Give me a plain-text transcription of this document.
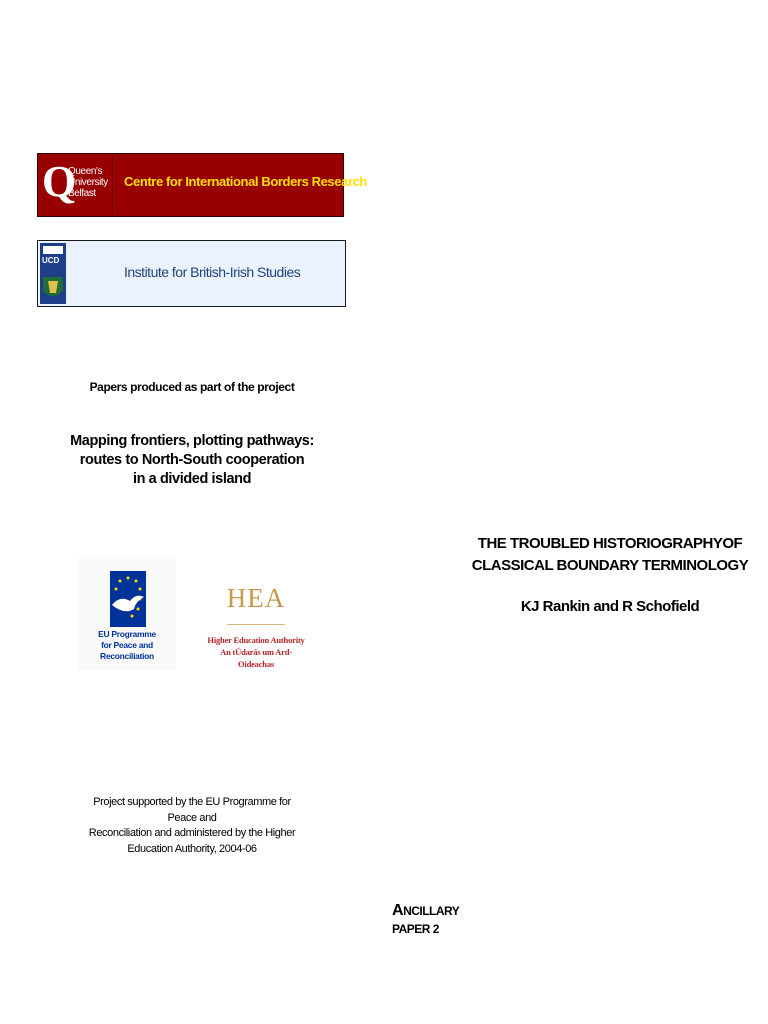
Q
Queen's University Belfast
Centre for International Borders Research
UCD
Institute for British-Irish Studies
Papers produced as part of the project
Mapping frontiers, plotting pathways:
routes to North-South cooperation
in a divided island
EU Programme
for Peace and Reconciliation
HEA
Higher Education Authority
An tÚdarás um Ard-Oideachas
Project supported by the EU Programme for Peace and
Reconciliation and administered by the Higher
Education Authority, 2004-06
THE TROUBLED HISTORIOGRAPHYOF
CLASSICAL BOUNDARY TERMINOLOGY
KJ Rankin and R Schofield
ANCILLARY PAPER 2
